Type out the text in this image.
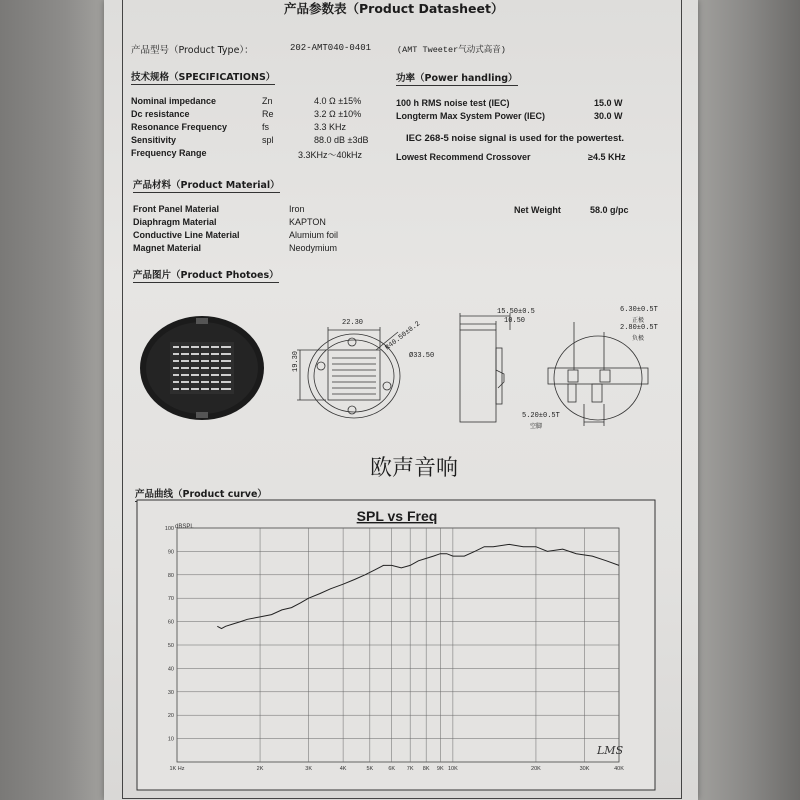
产品参数表（Product Datasheet）
产品型号（Product Type）：	202-AMT040-0401	(AMT Tweeter气动式高音)
技术规格（SPECIFICATIONS）
Nominal impedance	Zn	4.0 Ω ±15%
Dc resistance	Re	3.2 Ω ±10%
Resonance Frequency	fs	3.3 KHz
Sensitivity	spl	88.0 dB ±3dB
Frequency Range	3.3KHz～40kHz
功率（Power handling）
100 h RMS noise test (IEC)	15.0 W
Longterm Max System Power (IEC)	30.0 W
IEC 268-5 noise signal is used for the powertest.
Lowest Recommend Crossover	≥4.5 KHz
产品材料（Product Material）
Front Panel Material	Iron
Diaphragm Material	KAPTON
Conductive Line Material	Alumium foil
Magnet Material	Neodymium
Net Weight	58.0 g/pc
产品图片（Product Photoes）
22.30
19.30
R40.50±0.2
Ø33.50
15.50±0.5
10.50
6.30±0.5T
正极
2.80±0.5T
负极
5.20±0.5T
空脚
欧声音响
产品曲线（Product curve）
SPL vs Freq
dBSPL
100
90
80
70
60
50
40
30
20
10
1K Hz	2K	3K	4K	5K	6K 7K 8K 9K 10K	20K	30K	40K
LMS
